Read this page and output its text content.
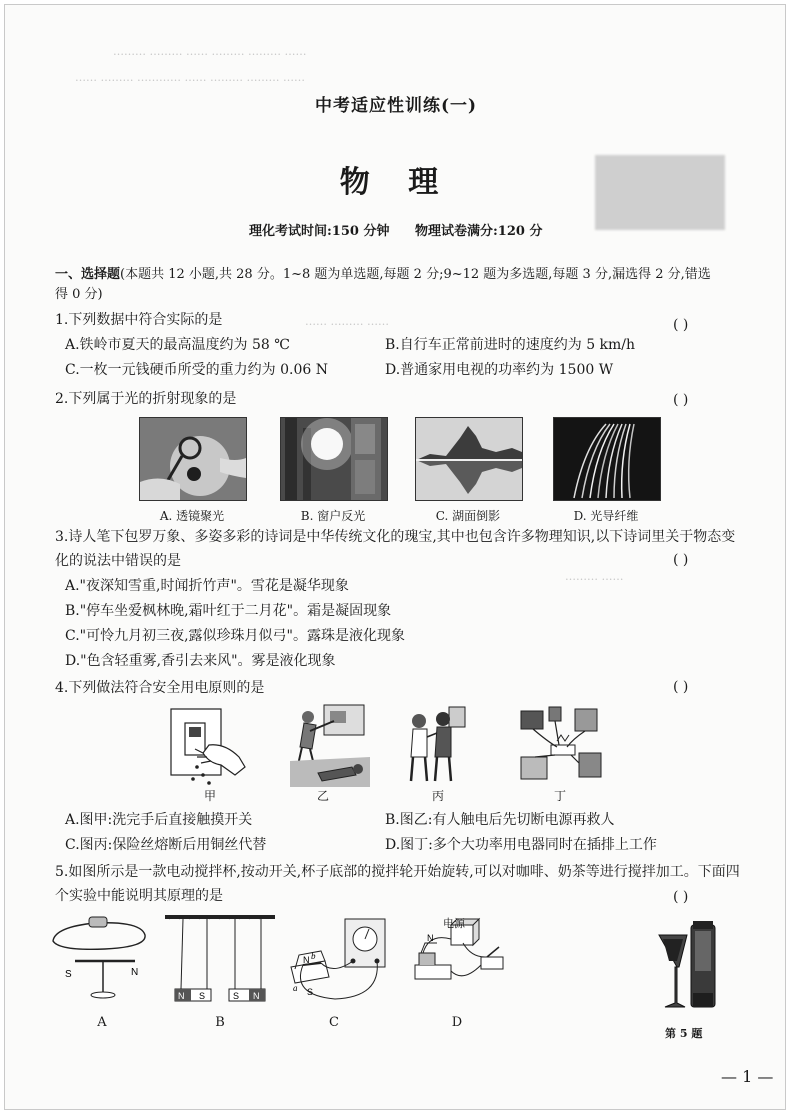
……… ……… …… ……… ……… ……
…… ……… ………… …… ……… ……… ……
…… ……… ……
……… ……
中考适应性训练(一)
物 理
理化考试时间:150 分钟 物理试卷满分:120 分
一、选择题(本题共 12 小题,共 28 分。1~8 题为单选题,每题 2 分;9~12 题为多选题,每题 3 分,漏选得 2 分,错选
得 0 分)
1.下列数据中符合实际的是	( )
A.铁岭市夏天的最高温度约为 58 ℃	B.自行车正常前进时的速度约为 5 km/h
C.一枚一元钱硬币所受的重力约为 0.06 N	D.普通家用电视的功率约为 1500 W
2.下列属于光的折射现象的是	( )
A. 透镜聚光	B. 窗户反光	C. 湖面倒影	D. 光导纤维
3.诗人笔下包罗万象、多姿多彩的诗词是中华传统文化的瑰宝,其中也包含许多物理知识,以下诗词里关于物态变
化的说法中错误的是	( )
A."夜深知雪重,时闻折竹声"。雪花是凝华现象
B."停车坐爱枫林晚,霜叶红于二月花"。霜是凝固现象
C."可怜九月初三夜,露似珍珠月似弓"。露珠是液化现象
D."色含轻重雾,香引去来风"。雾是液化现象
4.下列做法符合安全用电原则的是	( )
甲	乙	丙	丁
A.图甲:洗完手后直接触摸开关	B.图乙:有人触电后先切断电源再救人
C.图丙:保险丝熔断后用铜丝代替	D.图丁:多个大功率用电器同时在插排上工作
5.如图所示是一款电动搅拌杯,按动开关,杯子底部的搅拌轮开始旋转,可以对咖啡、奶茶等进行搅拌加工。下面四
个实验中能说明其原理的是	( )
S	N
N S	S N
N b
a S
N
电源
A	B	C	D
第 5 题
— 1 —
